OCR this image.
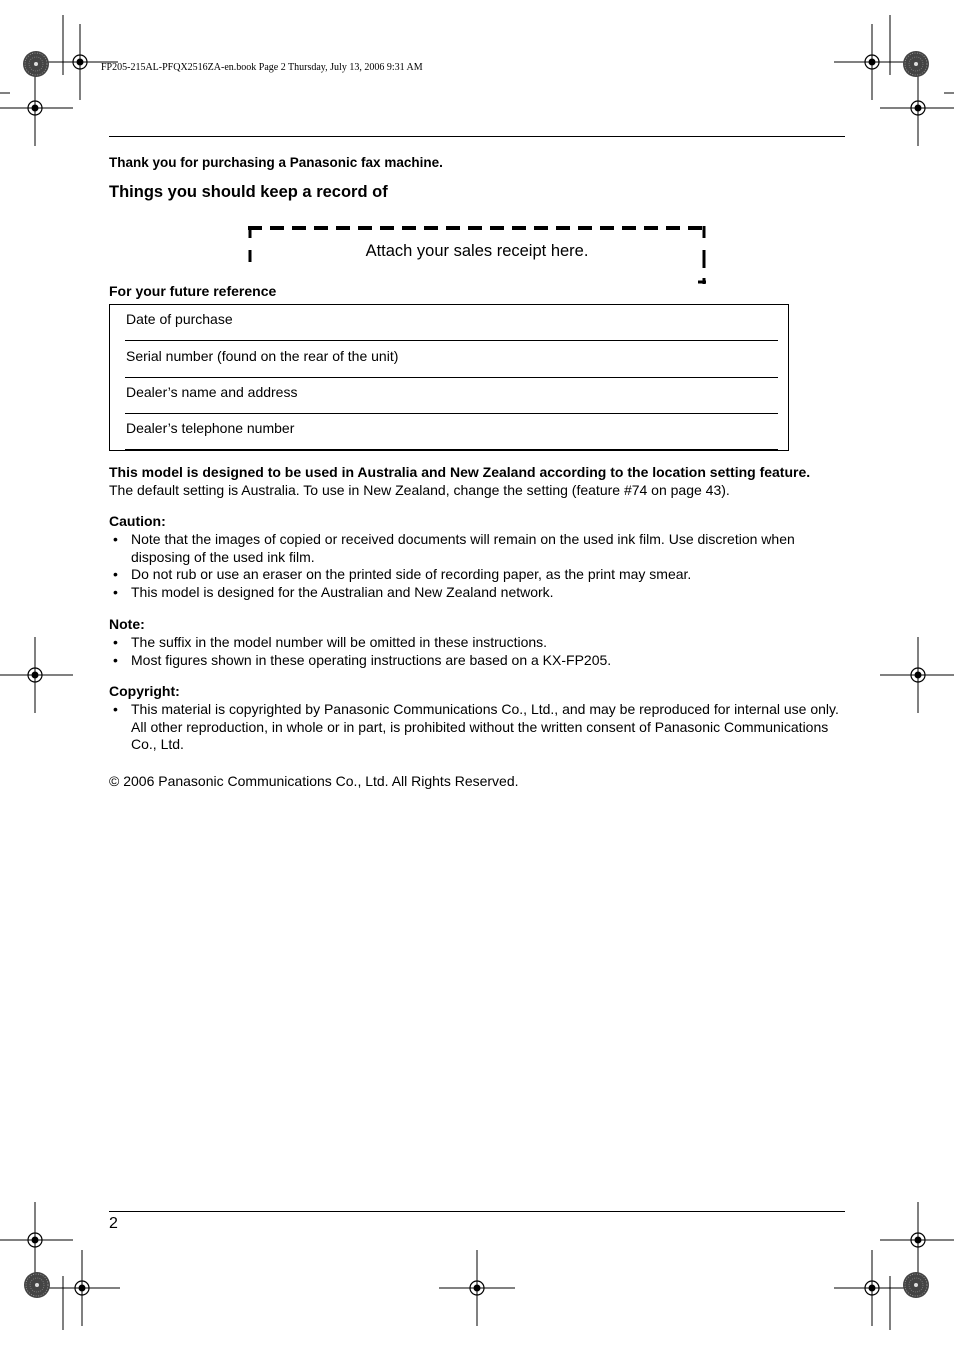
FP205-215AL-PFQX2516ZA-en.book Page 2 Thursday, July 13, 2006 9:31 AM
Thank you for purchasing a Panasonic fax machine.
Things you should keep a record of
Attach your sales receipt here.
For your future reference
Date of purchase
Serial number (found on the rear of the unit)
Dealer’s name and address
Dealer’s telephone number
This model is designed to be used in Australia and New Zealand according to the location setting feature.
The default setting is Australia. To use in New Zealand, change the setting (feature #74 on page 43).
Caution:
• Note that the images of copied or received documents will remain on the used ink film. Use discretion when disposing of the used ink film.
• Do not rub or use an eraser on the printed side of recording paper, as the print may smear.
• This model is designed for the Australian and New Zealand network.
Note:
• The suffix in the model number will be omitted in these instructions.
• Most figures shown in these operating instructions are based on a KX-FP205.
Copyright:
• This material is copyrighted by Panasonic Communications Co., Ltd., and may be reproduced for internal use only. All other reproduction, in whole or in part, is prohibited without the written consent of Panasonic Communications Co., Ltd.
© 2006 Panasonic Communications Co., Ltd. All Rights Reserved.
2
